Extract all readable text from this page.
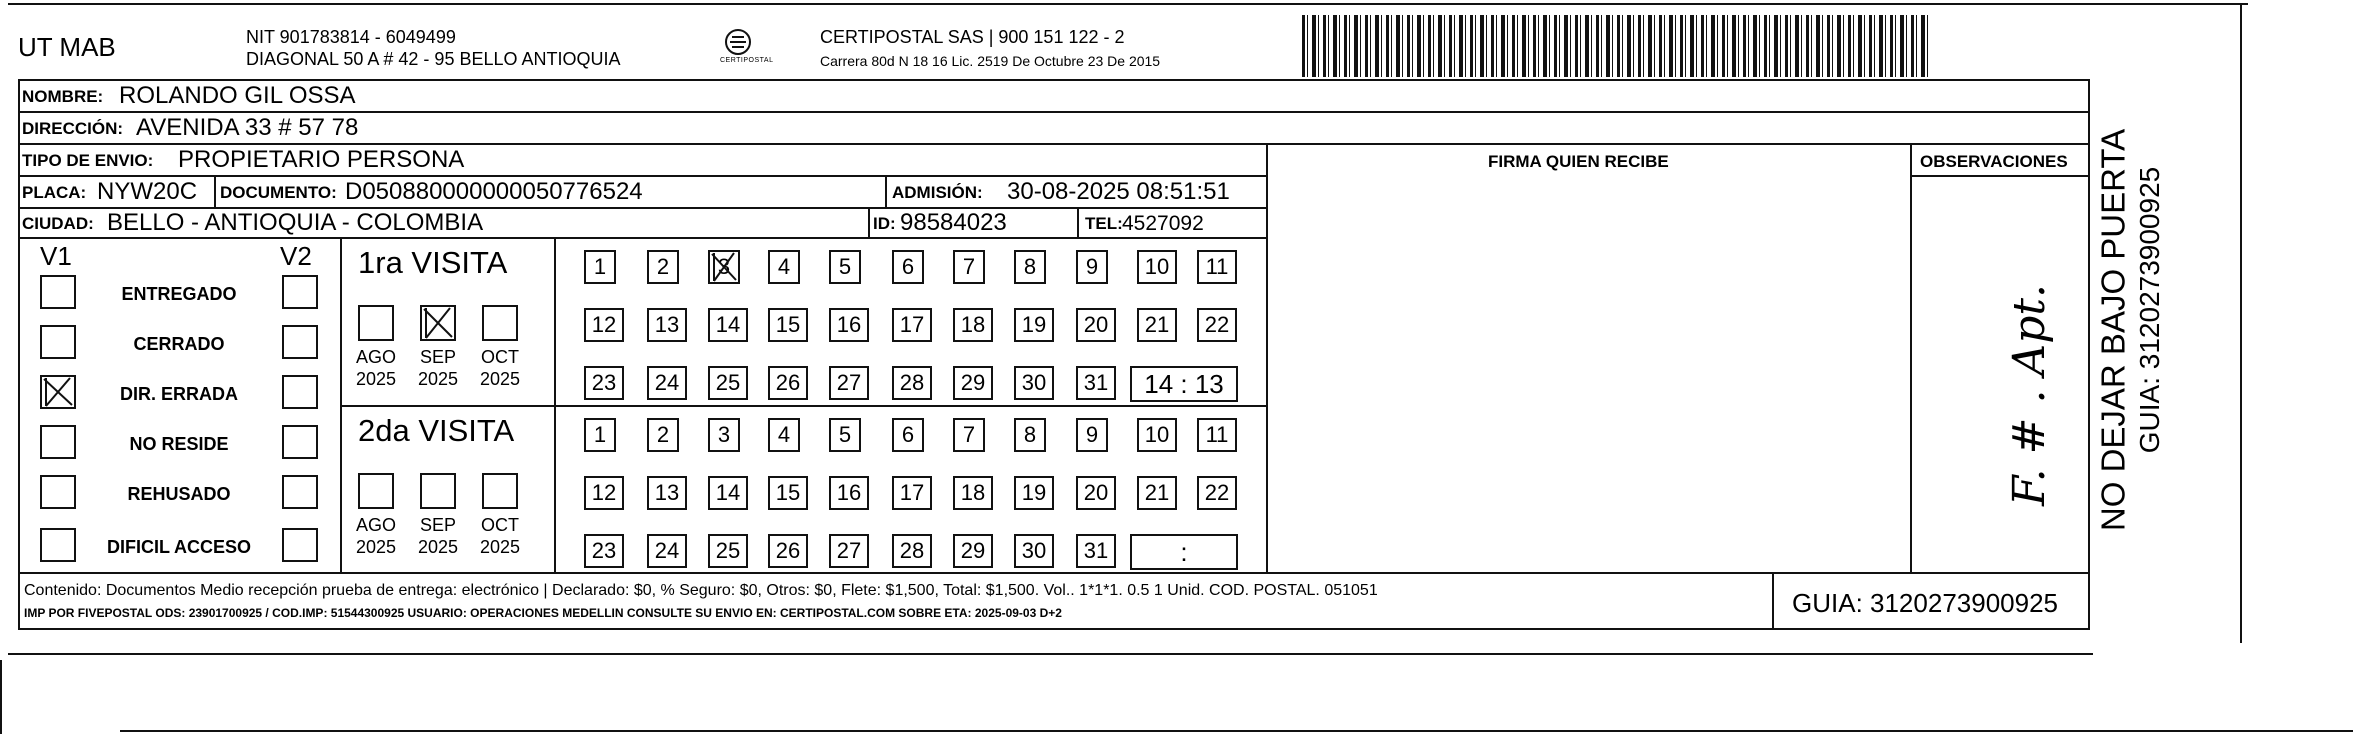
UT MAB	NIT 901783814 - 6049499
DIAGONAL 50 A # 42 - 95 BELLO ANTIOQUIA	CERTIPOSTAL
CERTIPOSTAL SAS | 900 151 122 - 2
Carrera 80d N 18 16 Lic. 2519 De Octubre 23 De 2015
NOMBRE: ROLANDO GIL OSSA
DIRECCIÓN: AVENIDA 33 # 57 78
TIPO DE ENVIO: PROPIETARIO PERSONA	FIRMA QUIEN RECIBE	OBSERVACIONES
PLACA: NYW20C DOCUMENTO: D050880000000050776524	ADMISIÓN: 30-08-2025 08:51:51
CIUDAD: BELLO - ANTIOQUIA - COLOMBIA	ID: 98584023	TEL: 4527092
V1	V2
ENTREGADO
CERRADO
DIR. ERRADA
NO RESIDE
REHUSADO
DIFICIL ACCESO
1ra VISITA
2da VISITA
AGO
2025
SEP
2025
OCT
2025
1	2	3	4	5	6	7	8	9	10	11
12	13	14	15	16	17	18	19	20	21	22
23	24	25	26	27	28	29	30	31	14 : 13
AGO
2025
SEP
2025
OCT
2025
1	2	3	4	5	6	7	8	9	10	11
12	13	14	15	16	17	18	19	20	21	22
23	24	25	26	27	28	29	30	31	:
F. # . Apt. NO DEJAR BAJO PUERTA GUIA: 3120273900925
Contenido: Documentos Medio recepción prueba de entrega: electrónico | Declarado: $0, % Seguro: $0, Otros: $0, Flete: $1,500, Total: $1,500. Vol.. 1*1*1. 0.5 1 Unid. COD. POSTAL. 051051
IMP POR FIVEPOSTAL ODS: 23901700925 / COD.IMP: 51544300925 USUARIO: OPERACIONES MEDELLIN CONSULTE SU ENVIO EN: CERTIPOSTAL.COM SOBRE ETA: 2025-09-03 D+2	GUIA: 3120273900925
